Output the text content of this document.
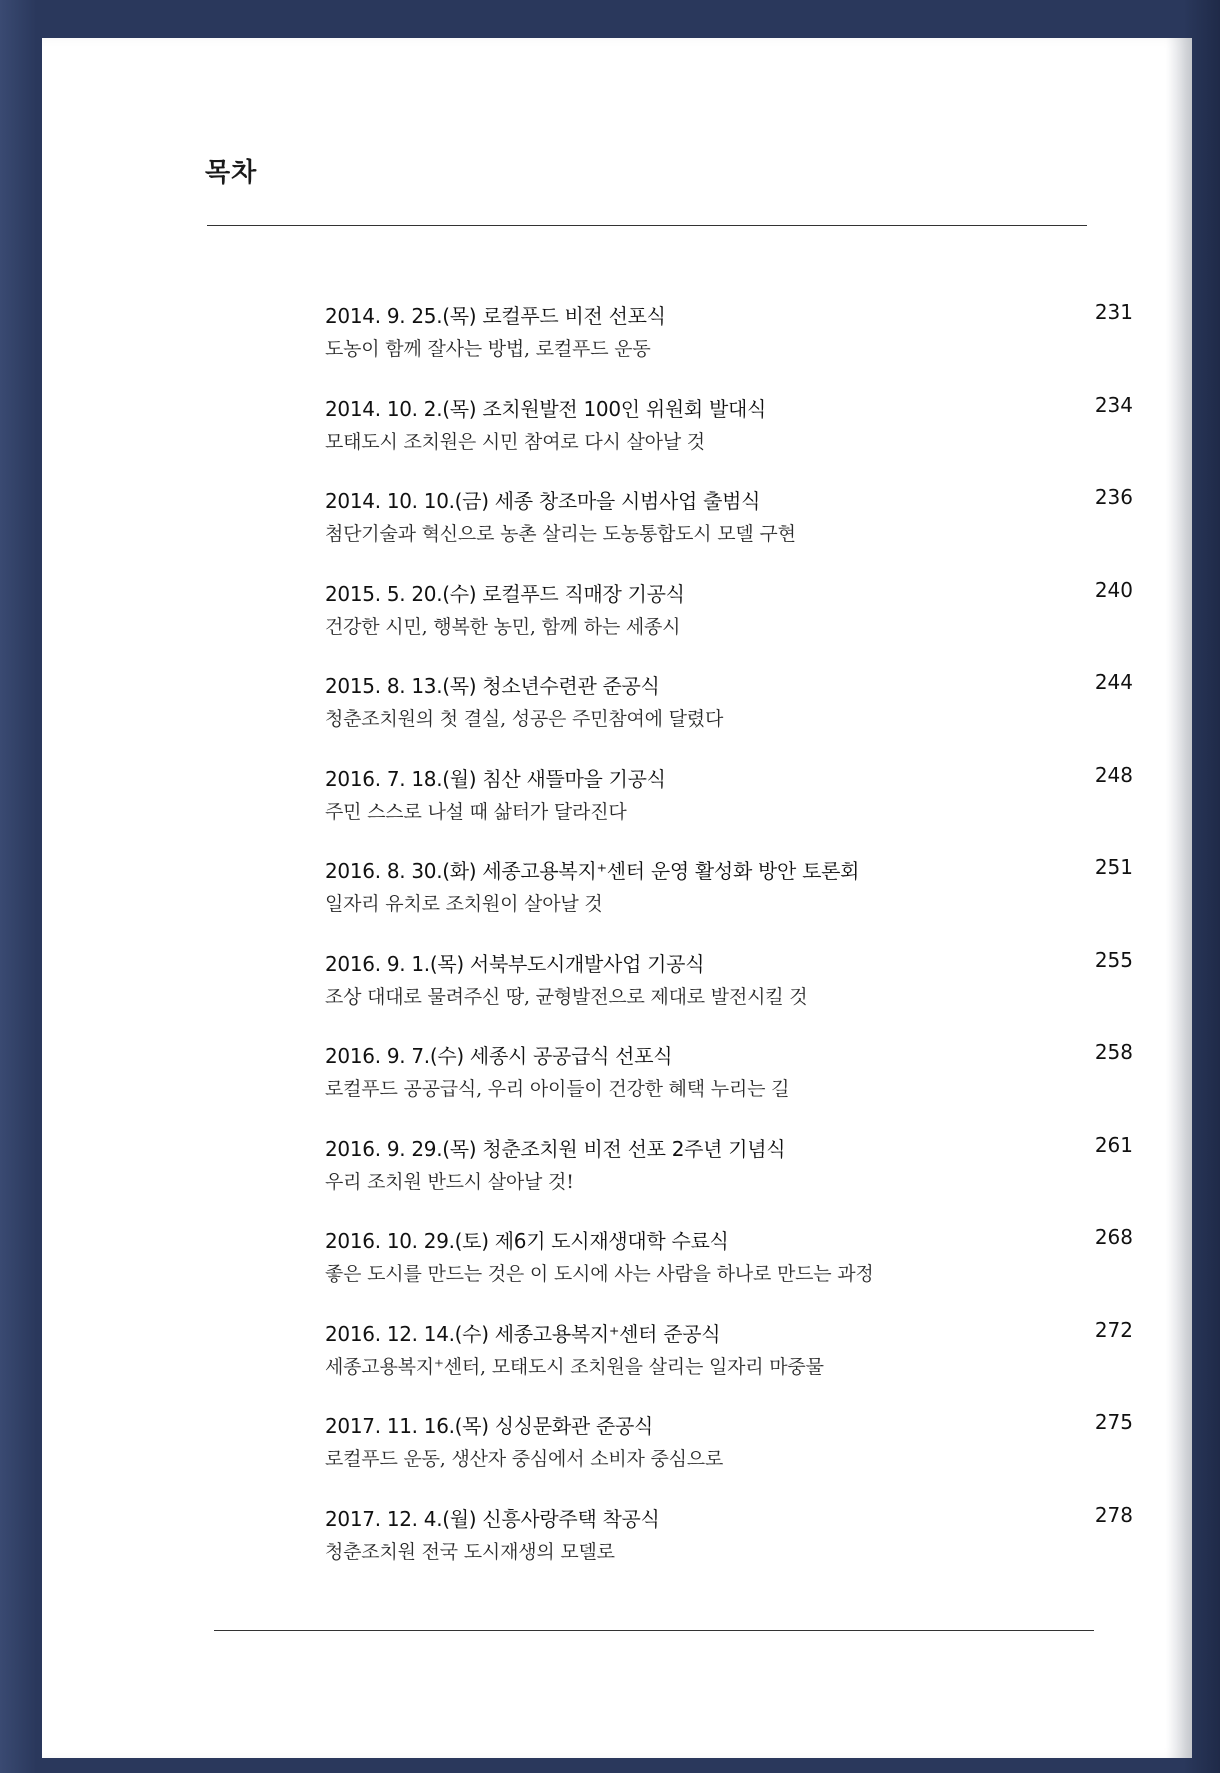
목차
2014. 9. 25.(목) 로컬푸드 비전 선포식	231
도농이 함께 잘사는 방법, 로컬푸드 운동
2014. 10. 2.(목) 조치원발전 100인 위원회 발대식	234
모태도시 조치원은 시민 참여로 다시 살아날 것
2014. 10. 10.(금) 세종 창조마을 시범사업 출범식	236
첨단기술과 혁신으로 농촌 살리는 도농통합도시 모델 구현
2015. 5. 20.(수) 로컬푸드 직매장 기공식	240
건강한 시민, 행복한 농민, 함께 하는 세종시
2015. 8. 13.(목) 청소년수련관 준공식	244
청춘조치원의 첫 결실, 성공은 주민참여에 달렸다
2016. 7. 18.(월) 침산 새뜰마을 기공식	248
주민 스스로 나설 때 삶터가 달라진다
2016. 8. 30.(화) 세종고용복지⁺센터 운영 활성화 방안 토론회	251
일자리 유치로 조치원이 살아날 것
2016. 9. 1.(목) 서북부도시개발사업 기공식	255
조상 대대로 물려주신 땅, 균형발전으로 제대로 발전시킬 것
2016. 9. 7.(수) 세종시 공공급식 선포식	258
로컬푸드 공공급식, 우리 아이들이 건강한 혜택 누리는 길
2016. 9. 29.(목) 청춘조치원 비전 선포 2주년 기념식	261
우리 조치원 반드시 살아날 것!
2016. 10. 29.(토) 제6기 도시재생대학 수료식	268
좋은 도시를 만드는 것은 이 도시에 사는 사람을 하나로 만드는 과정
2016. 12. 14.(수) 세종고용복지⁺센터 준공식	272
세종고용복지⁺센터, 모태도시 조치원을 살리는 일자리 마중물
2017. 11. 16.(목) 싱싱문화관 준공식	275
로컬푸드 운동, 생산자 중심에서 소비자 중심으로
2017. 12. 4.(월) 신흥사랑주택 착공식	278
청춘조치원 전국 도시재생의 모델로
